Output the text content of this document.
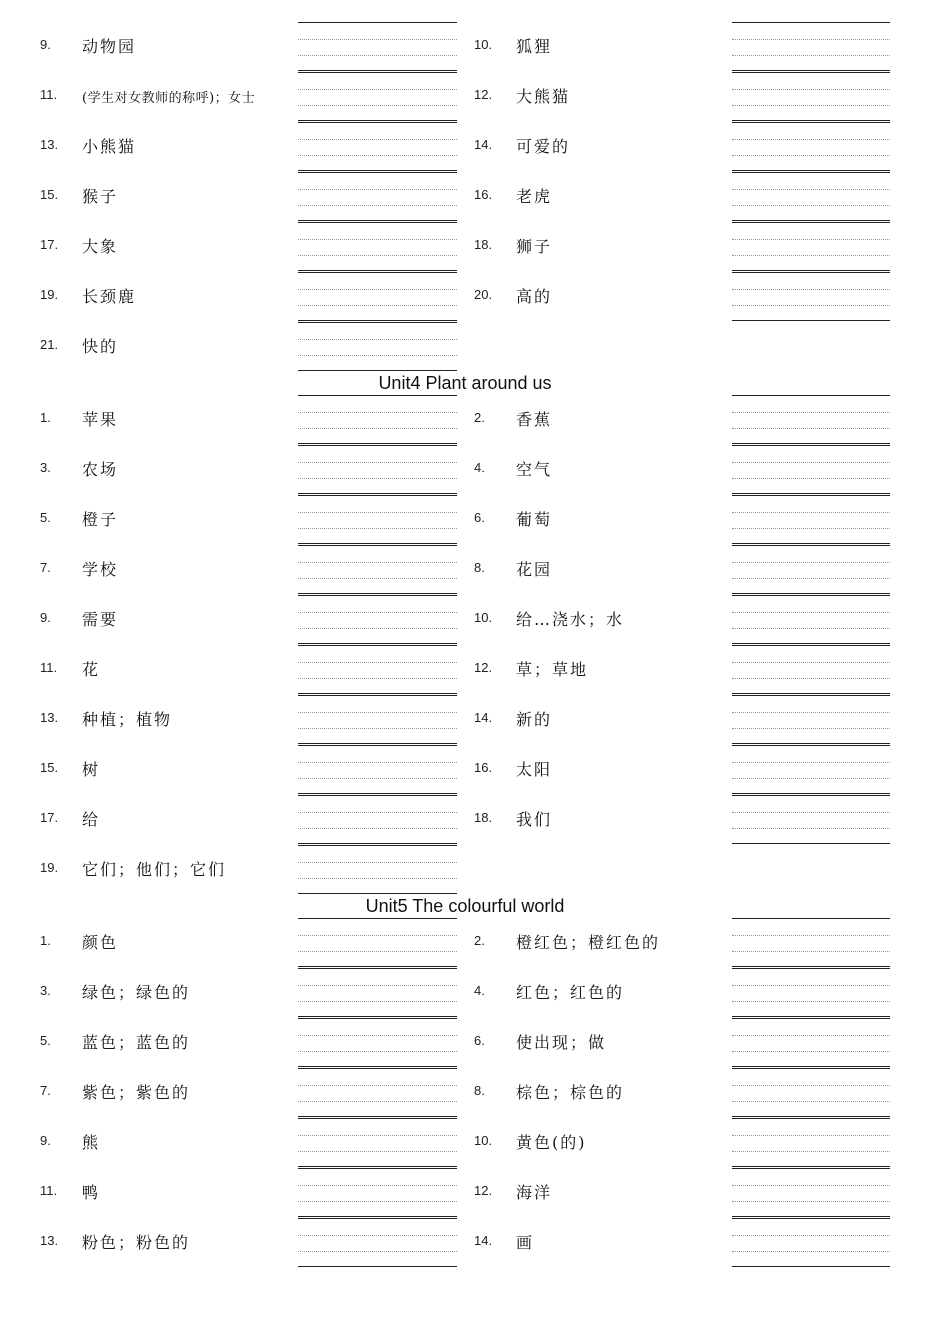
Unit4 Plant around us
Unit5 The colourful world
9. 动物园	10. 狐狸
11. (学生对女教师的称呼)；女士	12. 大熊猫
13. 小熊猫	14. 可爱的
15. 猴子	16. 老虎
17. 大象	18. 狮子
19. 长颈鹿	20. 高的
21. 快的
1. 苹果	2. 香蕉
3. 农场	4. 空气
5. 橙子	6. 葡萄
7. 学校	8. 花园
9. 需要	10. 给…浇水；水
11. 花	12. 草；草地
13. 种植；植物	14. 新的
15. 树	16. 太阳
17. 给	18. 我们
19. 它们；他们；它们
1. 颜色	2. 橙红色；橙红色的
3. 绿色；绿色的	4. 红色；红色的
5. 蓝色；蓝色的	6. 使出现；做
7. 紫色；紫色的	8. 棕色；棕色的
9. 熊	10. 黄色(的)
11. 鸭	12. 海洋
13. 粉色；粉色的	14. 画
